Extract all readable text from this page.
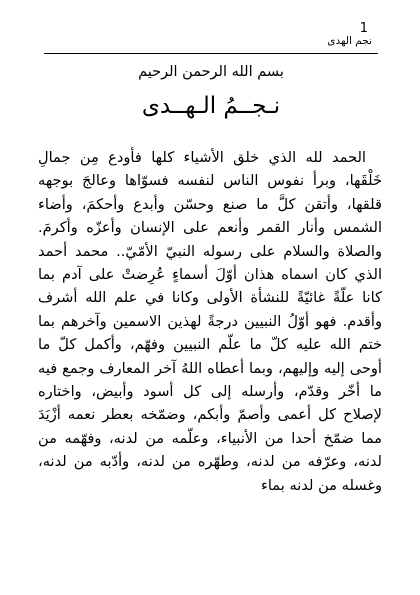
1
نجم الهدى
بسم الله الرحمن الرحيم
نـجــمُ الـهــدى

الحمد لله الذي خلق الأشياء كلها فأودع مِن جمالِ خَلْقَها، وبرأ نفوس الناس لنفسه فسوّاها وعالجَ بوجهه قلقها، وأتقن كلَّ ما صنع وحسّن وأبدع وأحكمَ، وأضاء الشمس وأنار القمر وأنعم على الإنسان وأعزّه وأكرمَ. والصلاة والسلام على رسوله النبيّ الأمّيّ.. محمد أحمد الذي كان اسماه هذان أوّلَ أسماءٍ عُرِضتْ على آدم بما كانا علّةً غائيّةً للنشأة الأولى وكانا في علم الله أشرف وأقدم. فهو أوّلُ النبيين درجةً لهذين الاسمين وآخرهم بما ختم الله عليه كلّ ما علّم النبيين وفهّم، وأكمل كلّ ما أوحى إليه وإليهم، وبما أعطاه اللهُ آخر المعارف وجمع فيه ما أخّر وقدّم، وأرسله إلى كل أسود وأبيض، واختاره لإصلاح كل أعمى وأصمّ وأبكم، وضمّخه بعطر نعمه أزْيَدَ مما ضمّخ أحدا من الأنبياء، وعلّمه من لدنه، وفهّمه من لدنه، وعرّفه من لدنه، وطهّره من لدنه، وأدّبه من لدنه، وغسله من لدنه بماء
